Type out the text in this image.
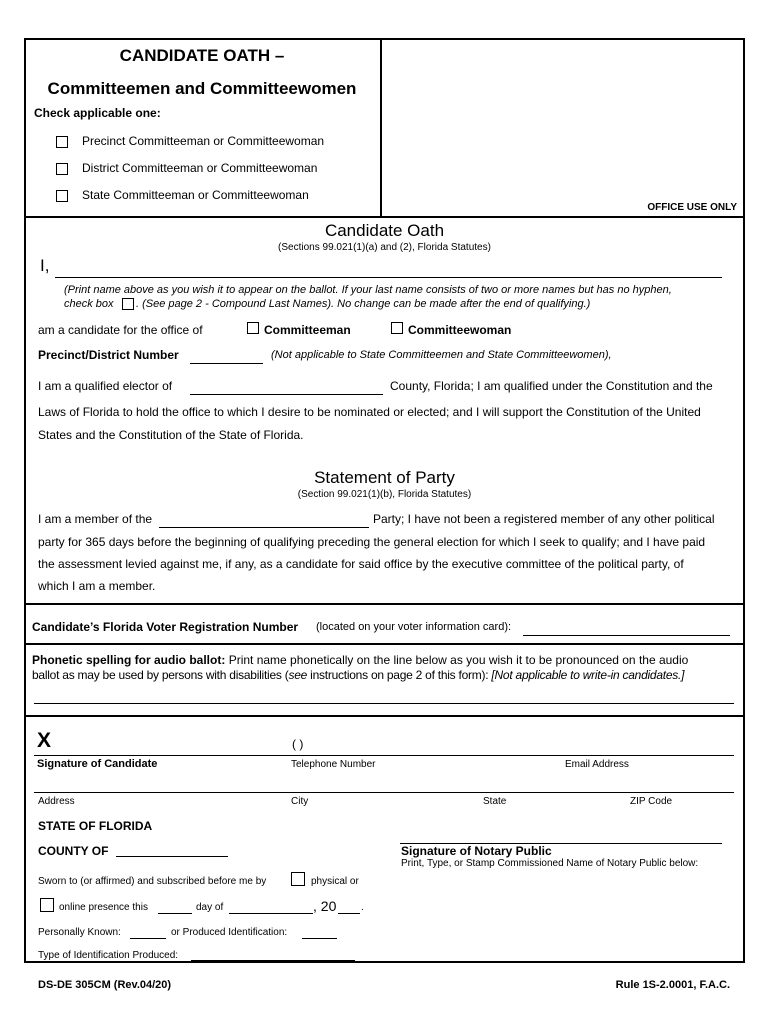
CANDIDATE OATH –
Committeemen and Committeewomen
Check applicable one:
Precinct Committeeman or Committeewoman
District Committeeman or Committeewoman
State Committeeman or Committeewoman
OFFICE USE ONLY
Candidate Oath
(Sections 99.021(1)(a) and (2), Florida Statutes)
I,
(Print name above as you wish it to appear on the ballot. If your last name consists of two or more names but has no hyphen,
check box . (See page 2 - Compound Last Names). No change can be made after the end of qualifying.)
am a candidate for the office of	Committeeman	Committeewoman
Precinct/District Number	(Not applicable to State Committeemen and State Committeewomen),
I am a qualified elector of	County, Florida; I am qualified under the Constitution and the
Laws of Florida to hold the office to which I desire to be nominated or elected; and I will support the Constitution of the United
States and the Constitution of the State of Florida.
Statement of Party
(Section 99.021(1)(b), Florida Statutes)
I am a member of the	Party; I have not been a registered member of any other political
party for 365 days before the beginning of qualifying preceding the general election for which I seek to qualify; and I have paid
the assessment levied against me, if any, as a candidate for said office by the executive committee of the political party, of
which I am a member.
Candidate’s Florida Voter Registration Number (located on your voter information card):
Phonetic spelling for audio ballot: Print name phonetically on the line below as you wish it to be pronounced on the audio
ballot as may be used by persons with disabilities (see instructions on page 2 of this form): [Not applicable to write-in candidates.]
X	( )
Signature of Candidate	Telephone Number	Email Address
Address	City	State	ZIP Code
STATE OF FLORIDA
COUNTY OF	Signature of Notary Public
Print, Type, or Stamp Commissioned Name of Notary Public below:
Sworn to (or affirmed) and subscribed before me by	physical or
online presence this	day of	, 20 .
Personally Known:	or Produced Identification:
Type of Identification Produced:
DS-DE 305CM (Rev.04/20)	Rule 1S-2.0001, F.A.C.
